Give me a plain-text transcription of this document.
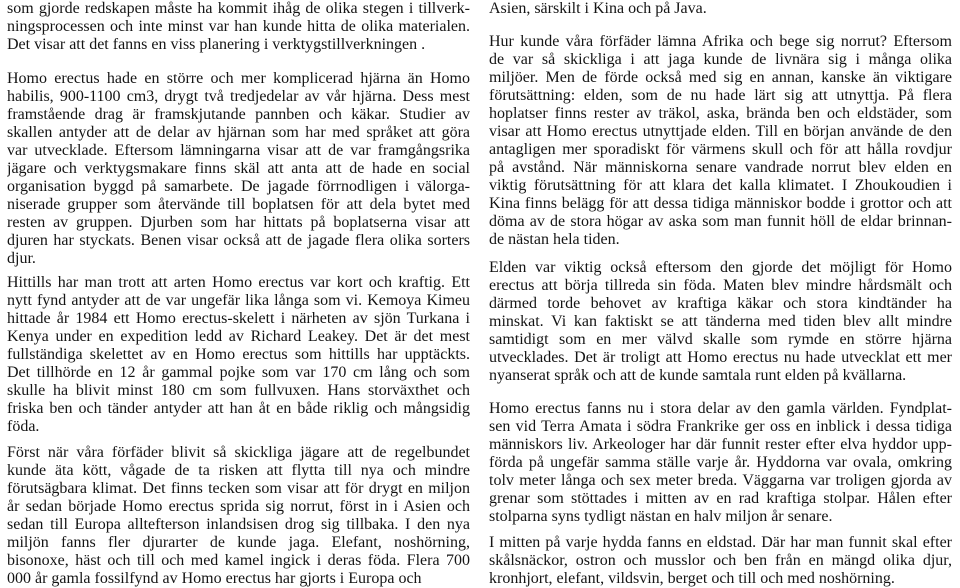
som gjorde redskapen måste ha kommit ihåg de olika stegen i tillverk-
ningsprocessen och inte minst var han kunde hitta de olika materialen.
Det visar att det fanns en viss planering i verktygstillverkningen .
Homo erectus hade en större och mer komplicerad hjärna än Homo
habilis, 900-1100 cm3, drygt två tredjedelar av vår hjärna. Dess mest
framstående drag är framskjutande pannben och käkar. Studier av
skallen antyder att de delar av hjärnan som har med språket att göra
var utvecklade. Eftersom lämningarna visar att de var framgångsrika
jägare och verktygsmakare finns skäl att anta att de hade en social
organisation byggd på samarbete. De jagade förrnodligen i välorga-
niserade grupper som återvände till boplatsen för att dela bytet med
resten av gruppen. Djurben som har hittats på boplatserna visar att
djuren har styckats. Benen visar också att de jagade flera olika sorters
djur.
Hittills har man trott att arten Homo erectus var kort och kraftig. Ett
nytt fynd antyder att de var ungefär lika långa som vi. Kemoya Kimeu
hittade år 1984 ett Homo erectus-skelett i närheten av sjön Turkana i
Kenya under en expedition ledd av Richard Leakey. Det är det mest
fullständiga skelettet av en Homo erectus som hittills har upptäckts.
Det tillhörde en 12 år gammal pojke som var 170 cm lång och som
skulle ha blivit minst 180 cm som fullvuxen. Hans storväxthet och
friska ben och tänder antyder att han åt en både riklig och mångsidig
föda.
Först när våra förfäder blivit så skickliga jägare att de regelbundet
kunde äta kött, vågade de ta risken att flytta till nya och mindre
förutsägbara klimat. Det finns tecken som visar att för drygt en miljon
år sedan började Homo erectus sprida sig norrut, först in i Asien och
sedan till Europa alltefterson inlandsisen drog sig tillbaka. I den nya
miljön fanns fler djurarter de kunde jaga. Elefant, noshörning,
bisonoxe, häst och till och med kamel ingick i deras föda. Flera 700
000 år gamla fossilfynd av Homo erectus har gjorts i Europa och
Asien, särskilt i Kina och på Java.
Hur kunde våra förfäder lämna Afrika och bege sig norrut? Eftersom
de var så skickliga i att jaga kunde de livnära sig i många olika
miljöer. Men de förde också med sig en annan, kanske än viktigare
förutsättning: elden, som de nu hade lärt sig att utnyttja. På flera
hoplatser finns rester av träkol, aska, brända ben och eldstäder, som
visar att Homo erectus utnyttjade elden. Till en början använde de den
antagligen mer sporadiskt för värmens skull och för att hålla rovdjur
på avstånd. När människorna senare vandrade norrut blev elden en
viktig förutsättning för att klara det kalla klimatet. I Zhoukoudien i
Kina finns belägg för att dessa tidiga människor bodde i grottor och att
döma av de stora högar av aska som man funnit höll de eldar brinnan-
de nästan hela tiden.
Elden var viktig också eftersom den gjorde det möjligt för Homo
erectus att börja tillreda sin föda. Maten blev mindre hårdsmält och
därmed torde behovet av kraftiga käkar och stora kindtänder ha
minskat. Vi kan faktiskt se att tänderna med tiden blev allt mindre
samtidigt som en mer välvd skalle som rymde en större hjärna
utvecklades. Det är troligt att Homo erectus nu hade utvecklat ett mer
nyanserat språk och att de kunde samtala runt elden på kvällarna.
Homo erectus fanns nu i stora delar av den gamla världen. Fyndplat-
sen vid Terra Amata i södra Frankrike ger oss en inblick i dessa tidiga
människors liv. Arkeologer har där funnit rester efter elva hyddor upp-
förda på ungefär samma ställe varje år. Hyddorna var ovala, omkring
tolv meter långa och sex meter breda. Väggarna var troligen gjorda av
grenar som stöttades i mitten av en rad kraftiga stolpar. Hålen efter
stolparna syns tydligt nästan en halv miljon år senare.
I mitten på varje hydda fanns en eldstad. Där har man funnit skal efter
skålsnäckor, ostron och musslor och ben från en mängd olika djur,
kronhjort, elefant, vildsvin, berget och till och med noshörning.
